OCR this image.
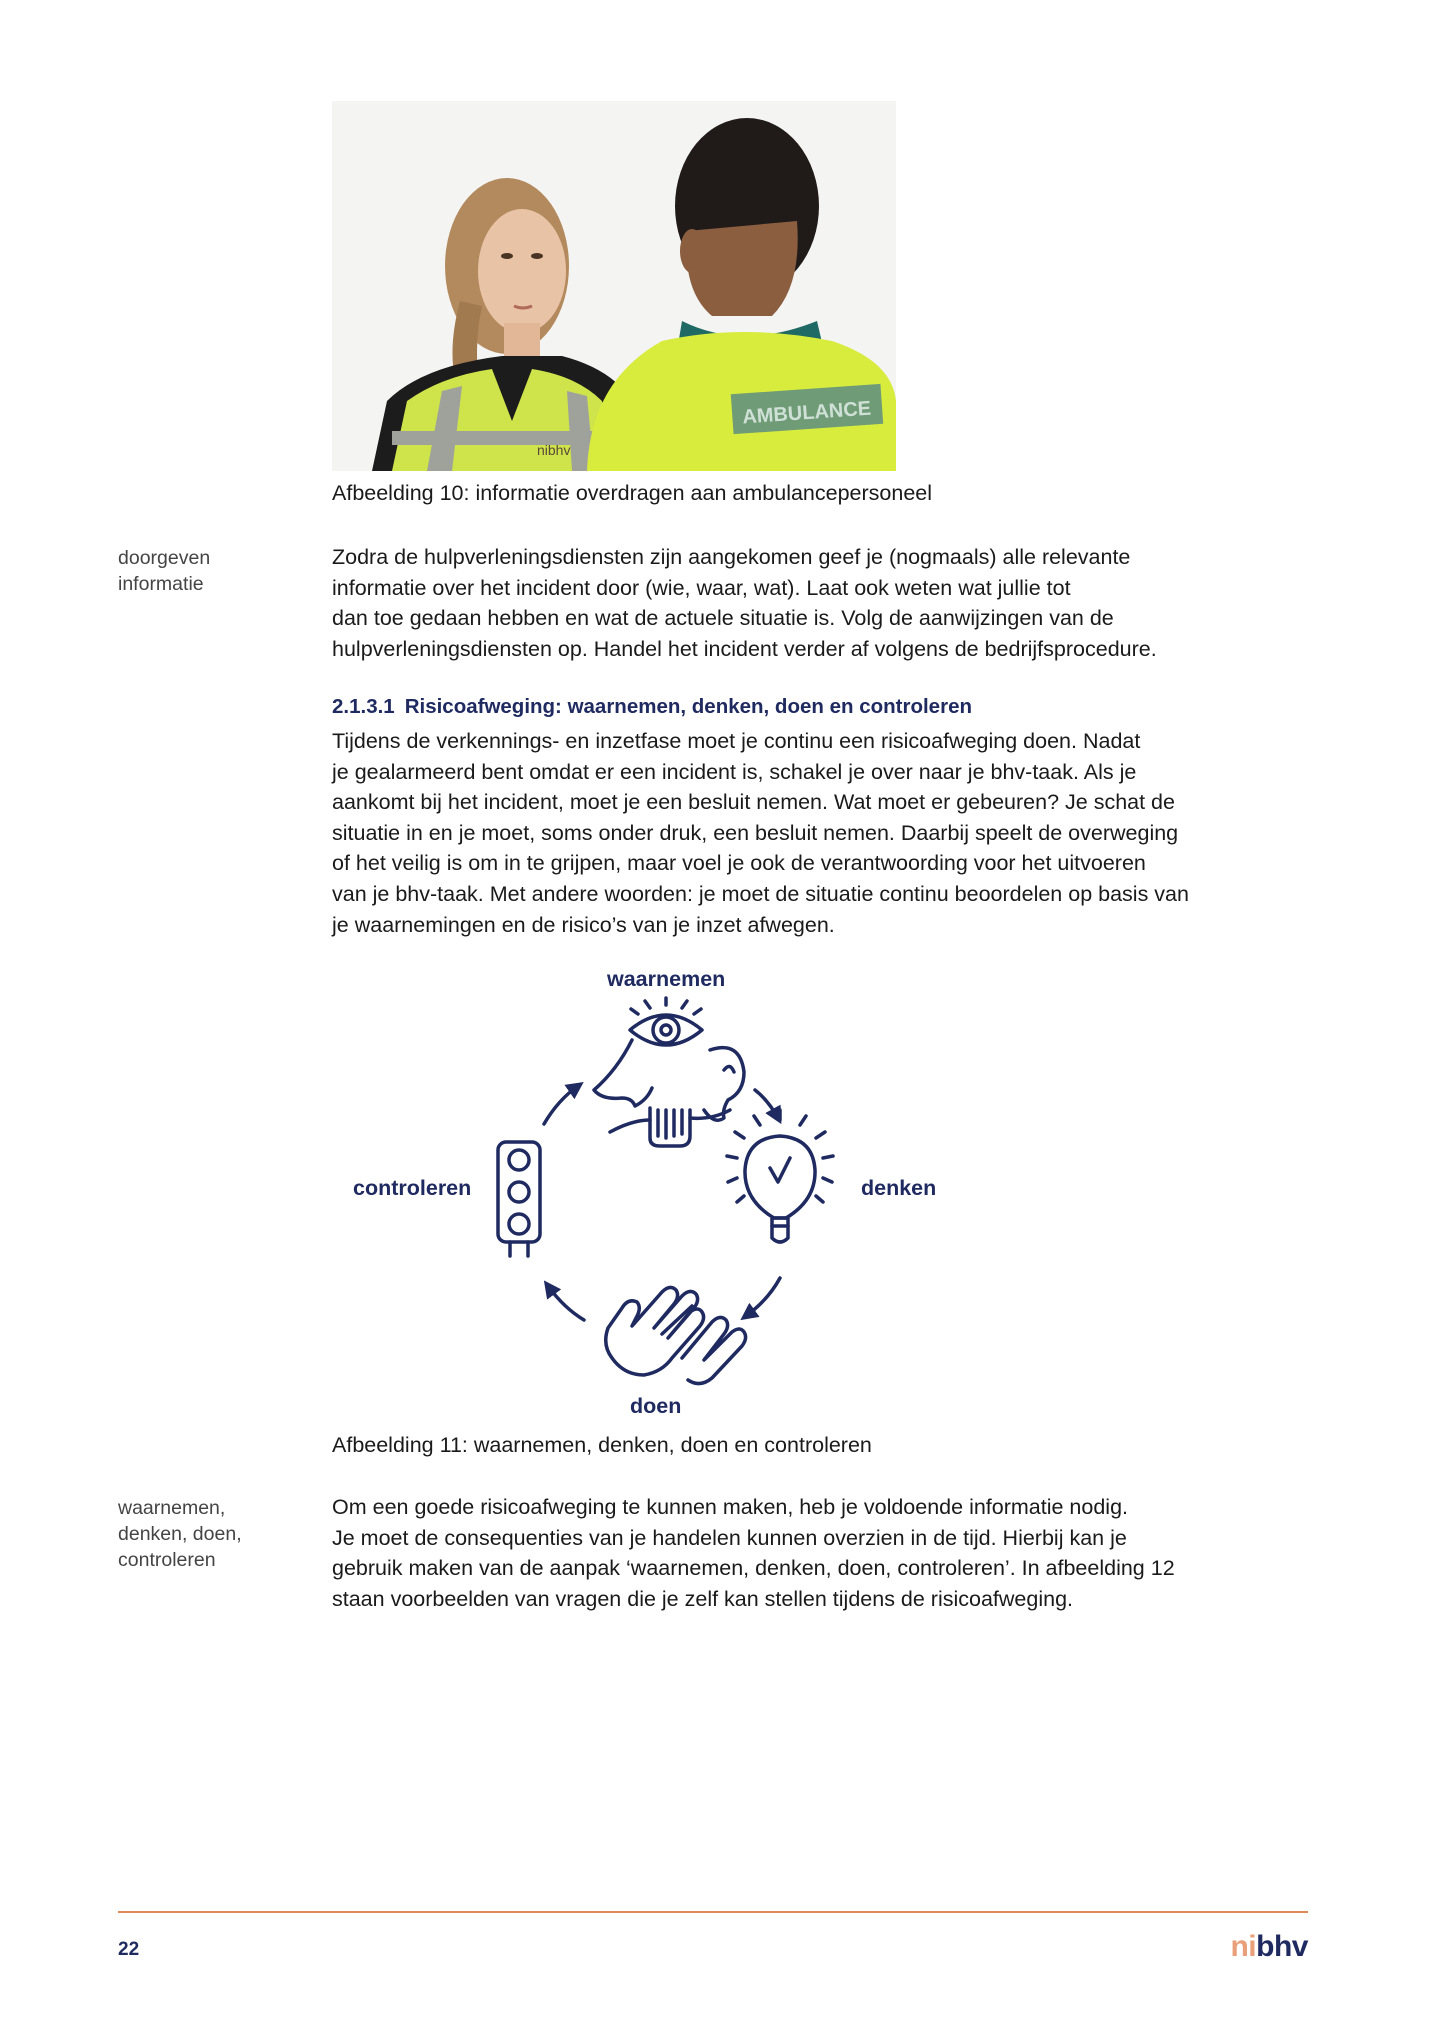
nibhv
AMBULANCE
Afbeelding 10: informatie overdragen aan ambulancepersoneel
doorgeven
informatie
Zodra de hulpverleningsdiensten zijn aangekomen geef je (nogmaals) alle relevante
informatie over het incident door (wie, waar, wat). Laat ook weten wat jullie tot
dan toe gedaan hebben en wat de actuele situatie is. Volg de aanwijzingen van de
hulpverleningsdiensten op. Handel het incident verder af volgens de bedrijfsprocedure.
2.1.3.1 Risicoafweging: waarnemen, denken, doen en controleren
Tijdens de verkennings- en inzetfase moet je continu een risicoafweging doen. Nadat
je gealarmeerd bent omdat er een incident is, schakel je over naar je bhv-taak. Als je
aankomt bij het incident, moet je een besluit nemen. Wat moet er gebeuren? Je schat de
situatie in en je moet, soms onder druk, een besluit nemen. Daarbij speelt de overweging
of het veilig is om in te grijpen, maar voel je ook de verantwoording voor het uitvoeren
van je bhv-taak. Met andere woorden: je moet de situatie continu beoordelen op basis van
je waarnemingen en de risico’s van je inzet afwegen.
waarnemen
denken
doen
controleren
Afbeelding 11: waarnemen, denken, doen en controleren
waarnemen,
denken, doen,
controleren
Om een goede risicoafweging te kunnen maken, heb je voldoende informatie nodig.
Je moet de consequenties van je handelen kunnen overzien in de tijd. Hierbij kan je
gebruik maken van de aanpak ‘waarnemen, denken, doen, controleren’. In afbeelding 12
staan voorbeelden van vragen die je zelf kan stellen tijdens de risicoafweging.
22	nibhv
